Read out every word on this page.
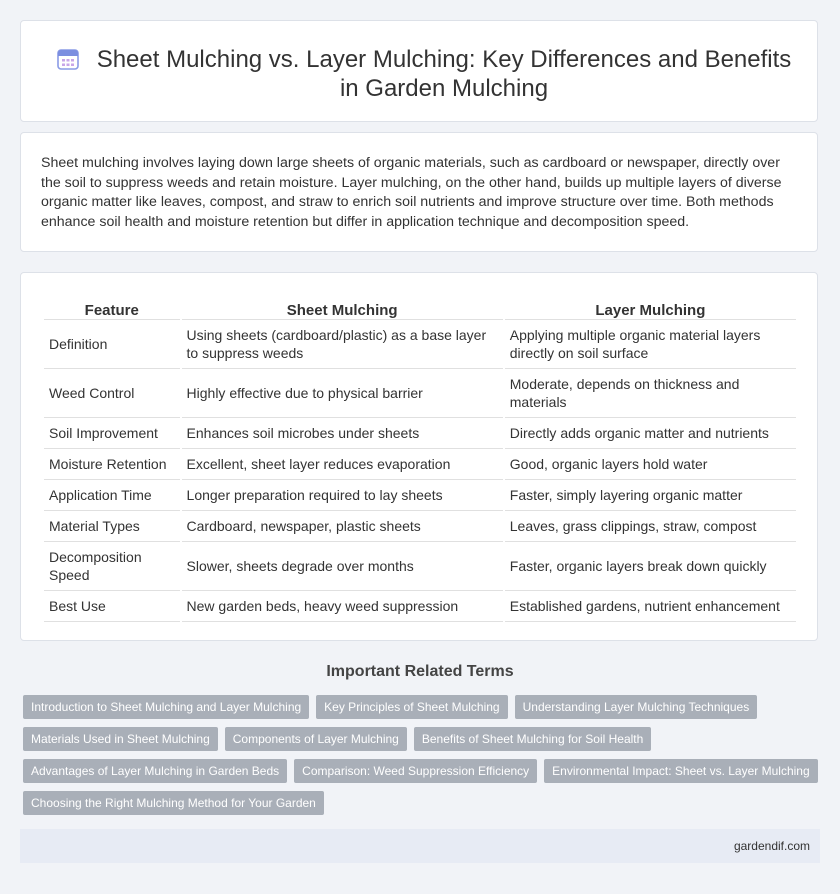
Sheet Mulching vs. Layer Mulching: Key Differences and Benefits in Garden Mulching

Sheet mulching involves laying down large sheets of organic materials, such as cardboard or newspaper, directly over the soil to suppress weeds and retain moisture. Layer mulching, on the other hand, builds up multiple layers of diverse organic matter like leaves, compost, and straw to enrich soil nutrients and improve structure over time. Both methods enhance soil health and moisture retention but differ in application technique and decomposition speed.

Feature	Sheet Mulching	Layer Mulching
Definition	Using sheets (cardboard/plastic) as a base layer to suppress weeds	Applying multiple organic material layers directly on soil surface
Weed Control	Highly effective due to physical barrier	Moderate, depends on thickness and materials
Soil Improvement	Enhances soil microbes under sheets	Directly adds organic matter and nutrients
Moisture Retention	Excellent, sheet layer reduces evaporation	Good, organic layers hold water
Application Time	Longer preparation required to lay sheets	Faster, simply layering organic matter
Material Types	Cardboard, newspaper, plastic sheets	Leaves, grass clippings, straw, compost
Decomposition Speed	Slower, sheets degrade over months	Faster, organic layers break down quickly
Best Use	New garden beds, heavy weed suppression	Established gardens, nutrient enhancement
Important Related Terms
Introduction to Sheet Mulching and Layer Mulching Key Principles of Sheet Mulching Understanding Layer Mulching Techniques
Materials Used in Sheet Mulching Components of Layer Mulching Benefits of Sheet Mulching for Soil Health
Advantages of Layer Mulching in Garden Beds Comparison: Weed Suppression Efficiency Environmental Impact: Sheet vs. Layer Mulching
Choosing the Right Mulching Method for Your Garden
gardendif.com
